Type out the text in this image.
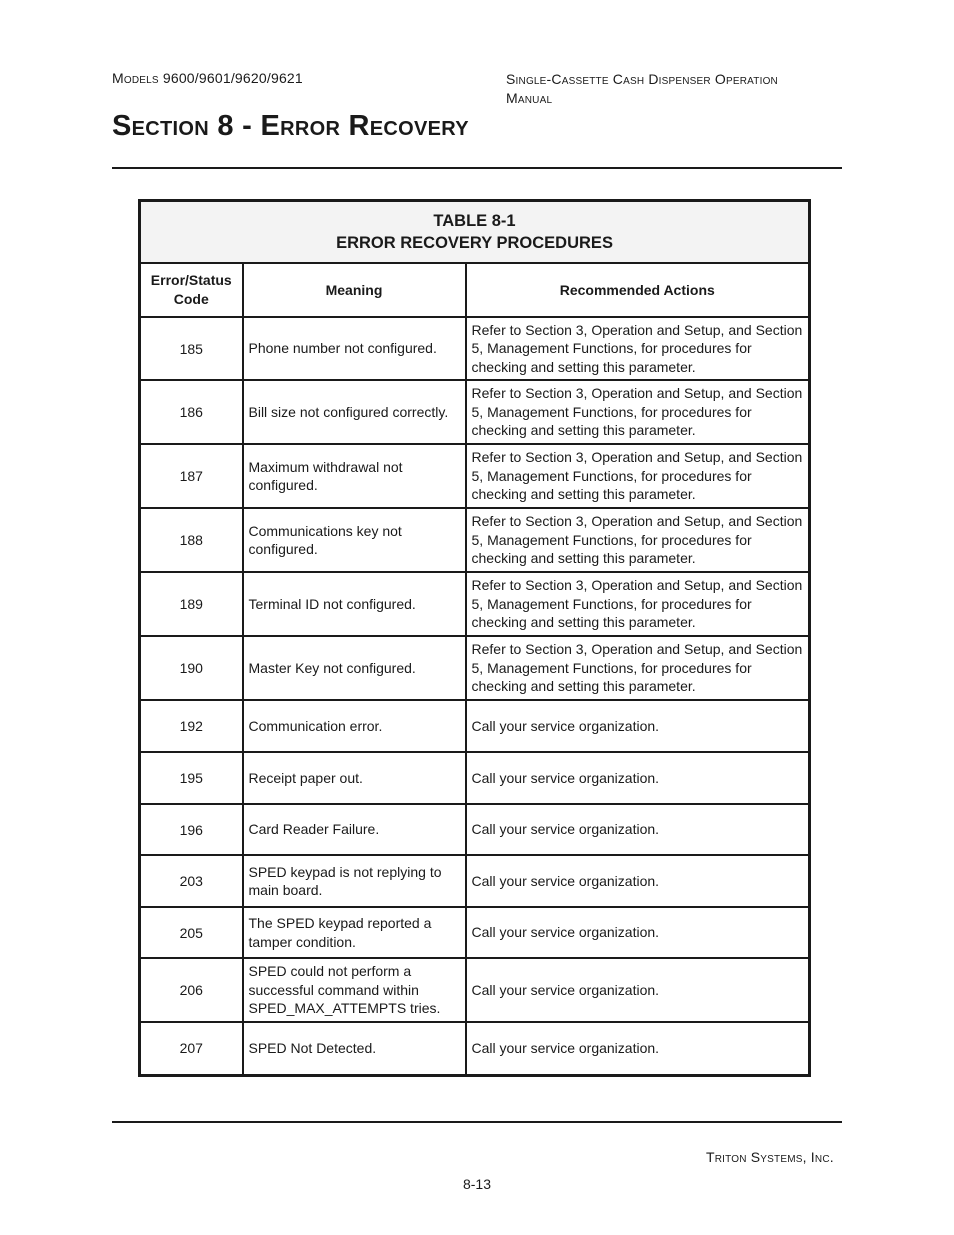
Models 9600/9601/9620/9621	Single-Cassette Cash Dispenser Operation Manual
Section 8 - Error Recovery
TABLE 8-1
ERROR RECOVERY PROCEDURES		

Error/Status Code	Meaning	Recommended Actions
185	Phone number not configured.	Refer to Section 3, Operation and Setup, and Section 5, Management Functions, for procedures for checking and setting this parameter.
186	Bill size not configured correctly.	Refer to Section 3, Operation and Setup, and Section 5, Management Functions, for procedures for checking and setting this parameter.
187	Maximum withdrawal not configured.	Refer to Section 3, Operation and Setup, and Section 5, Management Functions, for procedures for checking and setting this parameter.
188	Communications key not configured.	Refer to Section 3, Operation and Setup, and Section 5, Management Functions, for procedures for checking and setting this parameter.
189	Terminal ID not configured.	Refer to Section 3, Operation and Setup, and Section 5, Management Functions, for procedures for checking and setting this parameter.
190	Master Key not configured.	Refer to Section 3, Operation and Setup, and Section 5, Management Functions, for procedures for checking and setting this parameter.
192	Communication error.	Call your service organization.
195	Receipt paper out.	Call your service organization.
196	Card Reader Failure.	Call your service organization.
203	SPED keypad is not replying to main board.	Call your service organization.
205	The SPED keypad reported a tamper condition.	Call your service organization.
206	SPED could not perform a successful command within SPED_MAX_ATTEMPTS tries.	Call your service organization.
207	SPED Not Detected.	Call your service organization.
Triton Systems, Inc.
8-13
